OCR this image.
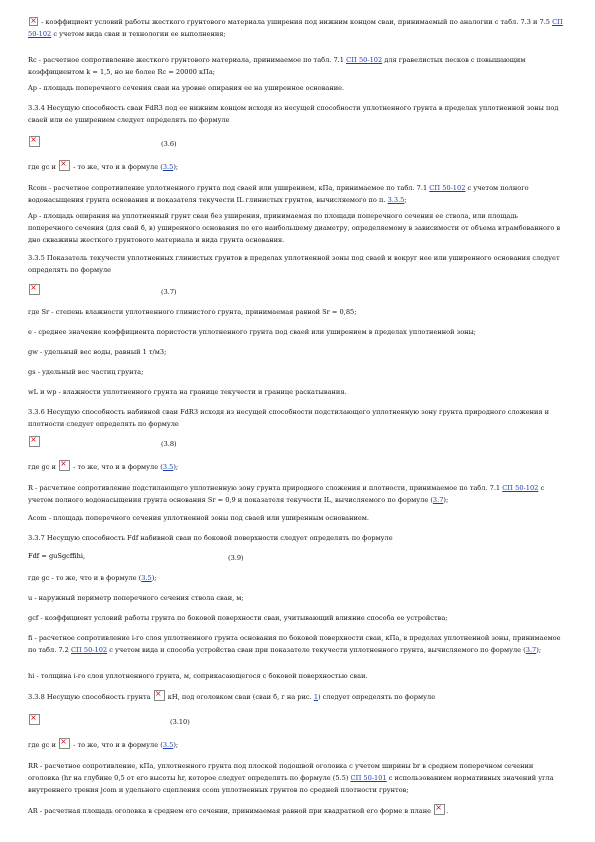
× - коэффициент условий работы жесткого грунтового материала уширения под нижним концом сваи, принимаемый по аналогии с табл. 7.3 и 7.5 СП 50-102 с учетом вида сваи и технологии ее выполнения;

Rc - расчетное сопротивление жесткого грунтового материала, принимаемое по табл. 7.1 СП 50-102 для гравелистых песков с повышающим коэффициентом k = 1,5, но не более Rc = 20000 кПа;

Ap - площадь поперечного сечения сваи на уровне опирания ее на уширенное основание.

3.3.4 Несущую способность сваи FdR3 под ее нижним концом исходя из несущей способности уплотненного грунта в пределах уплотненной зоны под сваей или ее уширением следует определять по формуле

×
(3.6)

где gc и × - то же, что и в формуле (3.5);

Rcom - расчетное сопротивление уплотненного грунта под сваей или уширением, кПа, принимаемое по табл. 7.1 СП 50-102 с учетом полного водонасыщения грунта основания и показателя текучести IL глинистых грунтов, вычисляемого по п. 3.3.5;

Ap - площадь опирания на уплотненный грунт сваи без уширения, принимаемая по площади поперечного сечения ее ствола, или площадь поперечного сечения (для свай б, в) уширенного основания по его наибольшему диаметру, определяемому в зависимости от объема втрамбованного в дно скважины жесткого грунтового материала и вида грунта основания.

3.3.5 Показатель текучести уплотненных глинистых грунтов в пределах уплотненной зоны под сваей и вокруг нее или уширенного основания следует определять по формуле

×
(3.7)

где Sr - степень влажности уплотненного глинистого грунта, принимаемая равной Sr = 0,85;

e - среднее значение коэффициента пористости уплотненного грунта под сваей или уширением в пределах уплотненной зоны;

gw - удельный вес воды, равный 1 т/м3;

gs - удельный вес частиц грунта;

wL и wp - влажности уплотненного грунта на границе текучести и границе раскатывания.

3.3.6 Несущую способность набивной сваи FdR3 исходя из несущей способности подстилающего уплотненную зону грунта природного сложения и плотности следует определять по формуле

×
(3.8)

где gc и × - то же, что и в формуле (3.5);

R - расчетное сопротивление подстилающего уплотненную зону грунта природного сложения и плотности, принимаемое по табл. 7.1 СП 50-102 с учетом полного водонасыщения грунта основания Sr = 0,9 и показателя текучести IL, вычисляемого по формуле (3.7);

Acom - площадь поперечного сечения уплотненной зоны под сваей или уширенным основанием.

3.3.7 Несущую способность Fdf набивной сваи по боковой поверхности следует определять по формуле

Fdf = guSgcffihi,	(3.9)

где gc - то же, что и в формуле (3.5);

u - наружный периметр поперечного сечения ствола сваи, м;

gcf - коэффициент условий работы грунта по боковой поверхности сваи, учитывающий влияние способа ее устройства;

fi - расчетное сопротивление i-го слоя уплотненного грунта основания по боковой поверхности сваи, кПа, в пределах уплотненной зоны, принимаемое по табл. 7.2 СП 50-102 с учетом вида и способа устройства сваи при показателе текучести уплотненного грунта, вычисляемого по формуле (3.7);

hi - толщина i-го слоя уплотненного грунта, м, соприкасающегося с боковой поверхностью сваи.

3.3.8 Несущую способность грунта × кН, под оголовком сваи (сваи б, г на рис. 1) следует определять по формуле

×
(3.10)

где gc и × - то же, что и в формуле (3.5);

RR - расчетное сопротивление, кПа, уплотненного грунта под плоской подошвой оголовка с учетом ширины br в среднем поперечном сечении оголовка (hr на глубине 0,5 от его высоты hr, которое следует определять по формуле (5.5) СП 50-101 с использованием нормативных значений угла внутреннего трения jcom и удельного сцепления ccom уплотненных грунтов по средней плотности грунтов;

AR - расчетная площадь оголовка в среднем его сечении, принимаемая равной при квадратной его форме в плане × .
